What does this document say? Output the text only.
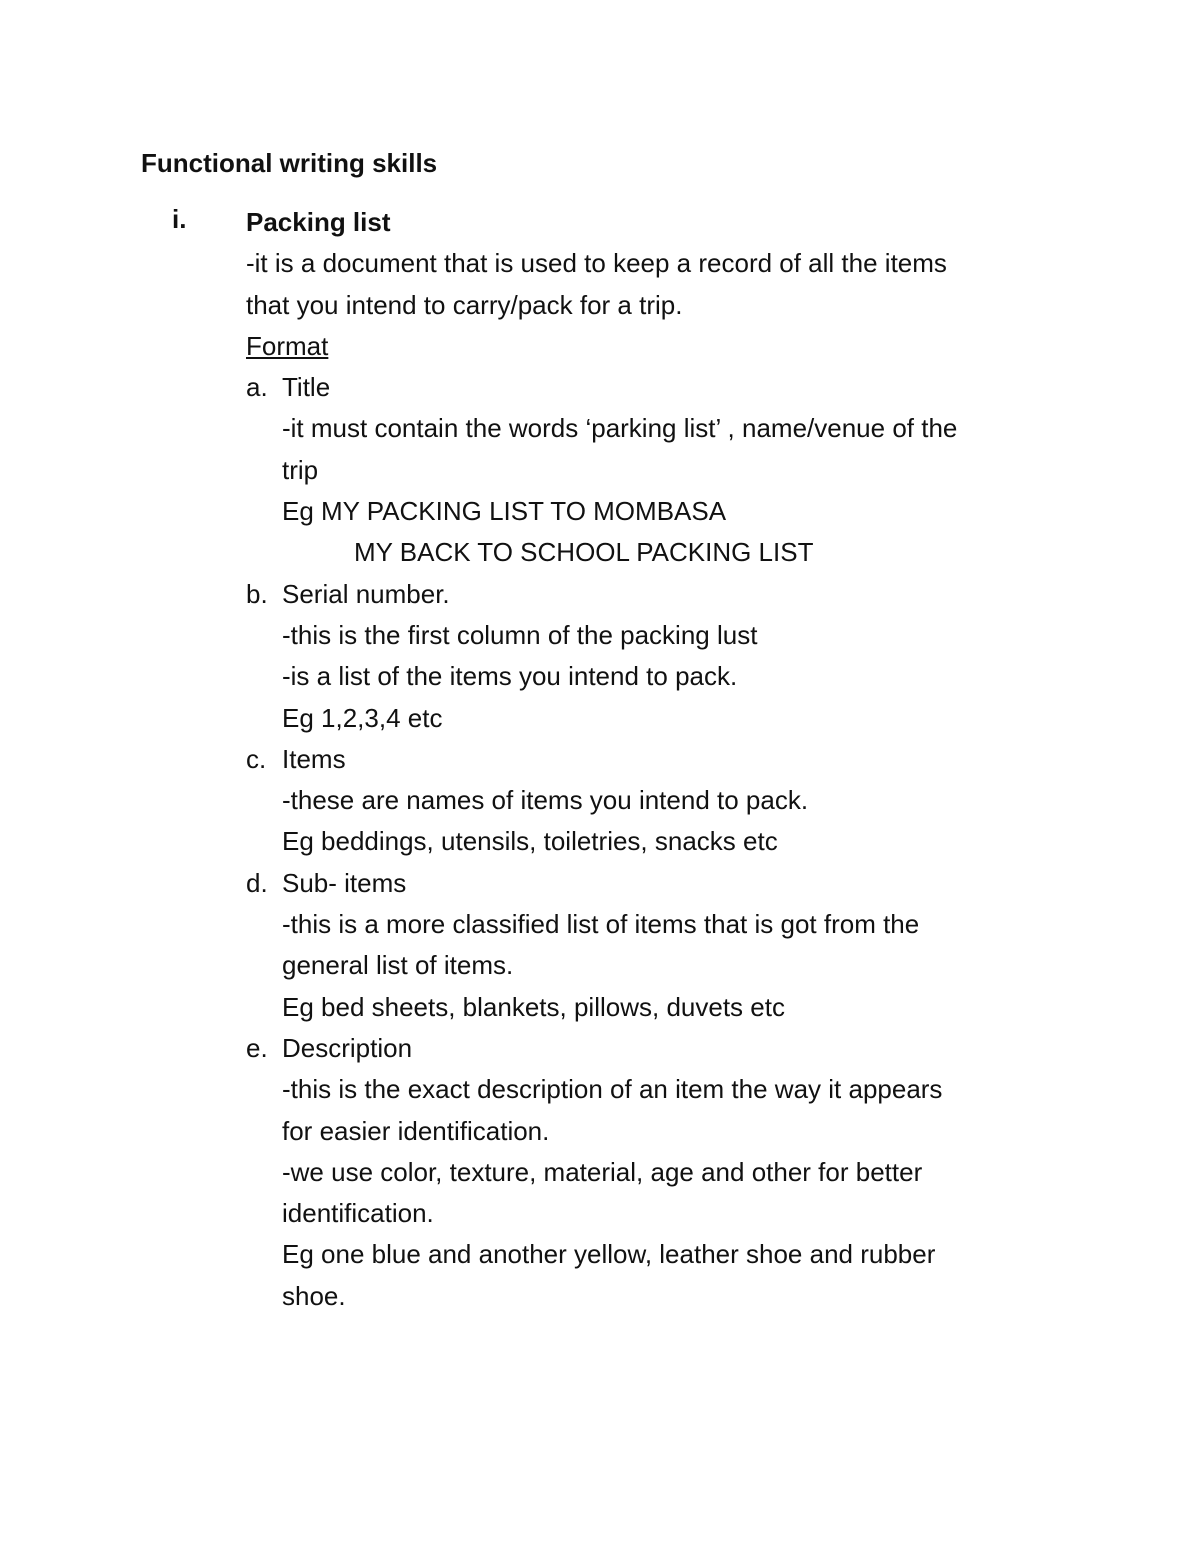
Functional writing skills
i. Packing list
-it is a document that is used to keep a record of all the items
that you intend to carry/pack for a trip.
Format
a. Title
-it must contain the words ‘parking list’ , name/venue of the
trip
Eg MY PACKING LIST TO MOMBASA
MY BACK TO SCHOOL PACKING LIST
b. Serial number.
-this is the first column of the packing lust
-is a list of the items you intend to pack.
Eg 1,2,3,4 etc
c. Items
-these are names of items you intend to pack.
Eg beddings, utensils, toiletries, snacks etc
d. Sub- items
-this is a more classified list of items that is got from the
general list of items.
Eg bed sheets, blankets, pillows, duvets etc
e. Description
-this is the exact description of an item the way it appears
for easier identification.
-we use color, texture, material, age and other for better
identification.
Eg one blue and another yellow, leather shoe and rubber
shoe.
